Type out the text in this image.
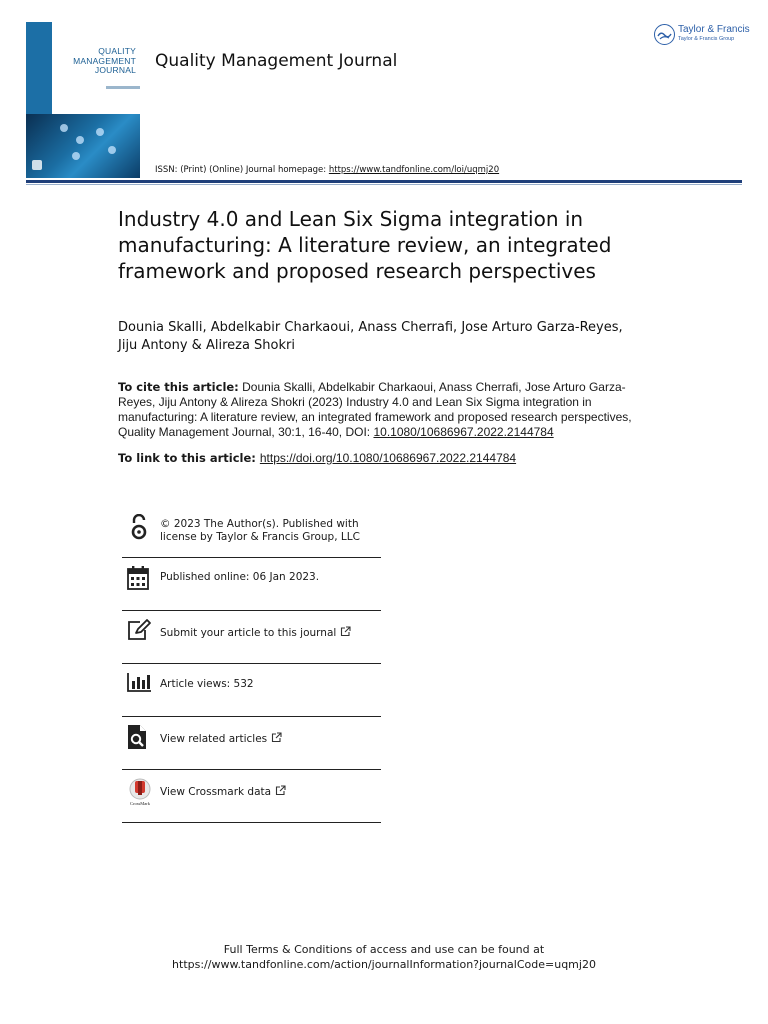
QUALITY
MANAGEMENT
JOURNAL Quality Management Journal
Taylor & Francis
Taylor & Francis Group
ISSN: (Print) (Online) Journal homepage: https://www.tandfonline.com/loi/uqmj20
Industry 4.0 and Lean Six Sigma integration in manufacturing: A literature review, an integrated framework and proposed research perspectives
Dounia Skalli, Abdelkabir Charkaoui, Anass Cherrafi, Jose Arturo Garza-Reyes, Jiju Antony & Alireza Shokri
To cite this article: Dounia Skalli, Abdelkabir Charkaoui, Anass Cherrafi, Jose Arturo Garza-Reyes, Jiju Antony & Alireza Shokri (2023) Industry 4.0 and Lean Six Sigma integration in manufacturing: A literature review, an integrated framework and proposed research perspectives, Quality Management Journal, 30:1, 16-40, DOI: 10.1080/10686967.2022.2144784
To link to this article: https://doi.org/10.1080/10686967.2022.2144784
© 2023 The Author(s). Published with
license by Taylor & Francis Group, LLC
Published online: 06 Jan 2023.
Submit your article to this journal
Article views: 532
View related articles
CrossMark
View Crossmark data
Full Terms & Conditions of access and use can be found at
https://www.tandfonline.com/action/journalInformation?journalCode=uqmj20
